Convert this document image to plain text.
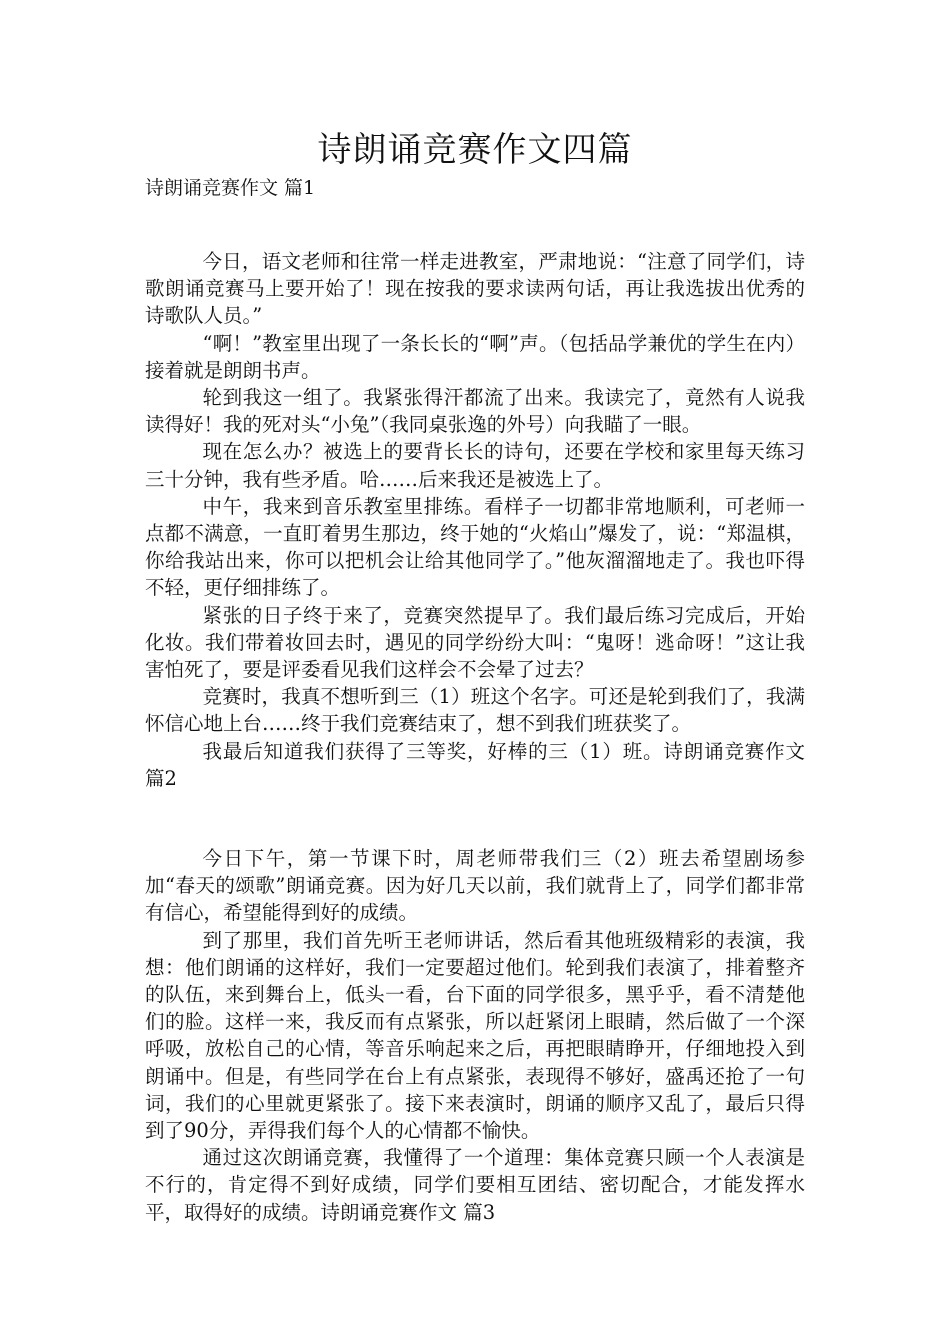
诗朗诵竞赛作文四篇

诗朗诵竞赛作文 篇1

今日，语文老师和往常一样走进教室，严肃地说：“注意了同学们，诗歌朗诵竞赛马上要开始了！现在按我的要求读两句话，再让我选拔出优秀的诗歌队人员。”

“啊！”教室里出现了一条长长的“啊”声。（包括品学兼优的学生在内）接着就是朗朗书声。

轮到我这一组了。我紧张得汗都流了出来。我读完了，竟然有人说我读得好！我的死对头“小兔”（我同桌张逸的外号）向我瞄了一眼。

现在怎么办？被选上的要背长长的诗句，还要在学校和家里每天练习三十分钟，我有些矛盾。哈……后来我还是被选上了。

中午，我来到音乐教室里排练。看样子一切都非常地顺利，可老师一点都不满意，一直盯着男生那边，终于她的“火焰山”爆发了，说：“郑温棋，你给我站出来，你可以把机会让给其他同学了。”他灰溜溜地走了。我也吓得不轻，更仔细排练了。

紧张的日子终于来了，竞赛突然提早了。我们最后练习完成后，开始化妆。我们带着妆回去时，遇见的同学纷纷大叫：“鬼呀！逃命呀！”这让我害怕死了，要是评委看见我们这样会不会晕了过去？

竞赛时，我真不想听到三（1）班这个名字。可还是轮到我们了，我满怀信心地上台……终于我们竞赛结束了，想不到我们班获奖了。

我最后知道我们获得了三等奖，好棒的三（1）班。诗朗诵竞赛作文 篇2

今日下午，第一节课下时，周老师带我们三（2）班去希望剧场参加“春天的颂歌”朗诵竞赛。因为好几天以前，我们就背上了，同学们都非常有信心，希望能得到好的成绩。

到了那里，我们首先听王老师讲话，然后看其他班级精彩的表演，我想：他们朗诵的这样好，我们一定要超过他们。轮到我们表演了，排着整齐的队伍，来到舞台上，低头一看，台下面的同学很多，黑乎乎，看不清楚他们的脸。这样一来，我反而有点紧张，所以赶紧闭上眼睛，然后做了一个深呼吸，放松自己的心情，等音乐响起来之后，再把眼睛睁开，仔细地投入到朗诵中。但是，有些同学在台上有点紧张，表现得不够好，盛禹还抢了一句词，我们的心里就更紧张了。接下来表演时，朗诵的顺序又乱了，最后只得到了90分，弄得我们每个人的心情都不愉快。

通过这次朗诵竞赛，我懂得了一个道理：集体竞赛只顾一个人表演是不行的，肯定得不到好成绩，同学们要相互团结、密切配合，才能发挥水平，取得好的成绩。诗朗诵竞赛作文 篇3
